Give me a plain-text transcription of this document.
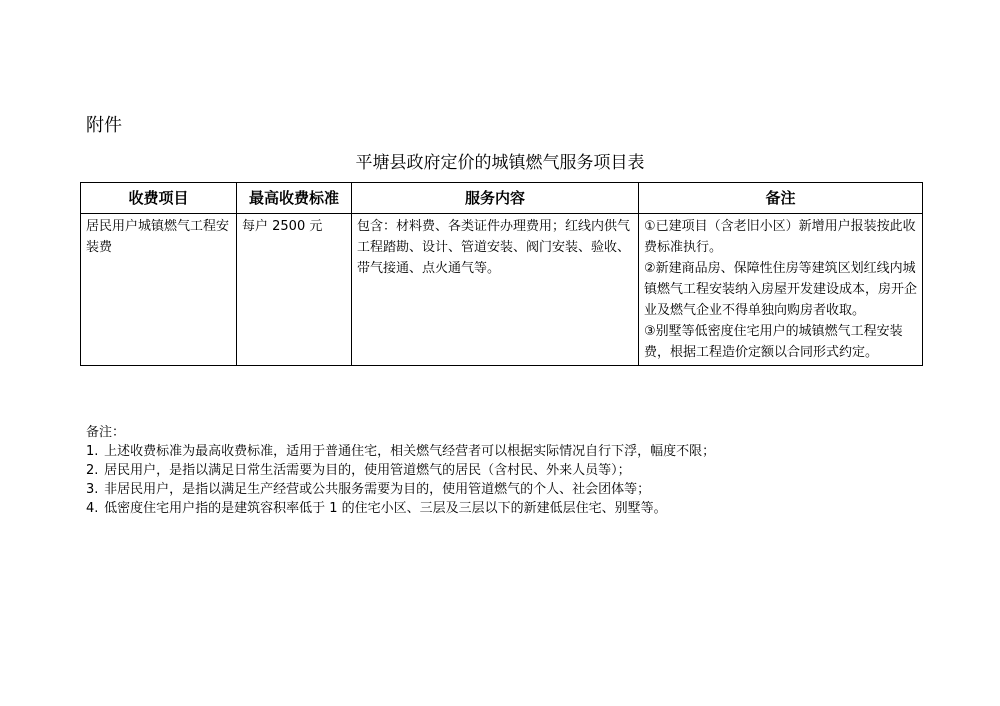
附件

平塘县政府定价的城镇燃气服务项目表
收费项目	最高收费标准	服务内容	备注
居民用户城镇燃气工程安装费	每户 2500 元	包含：材料费、各类证件办理费用；红线内供气工程踏勘、设计、管道安装、阀门安装、验收、带气接通、点火通气等。	①已建项目（含老旧小区）新增用户报装按此收费标准执行。
②新建商品房、保障性住房等建筑区划红线内城镇燃气工程安装纳入房屋开发建设成本，房开企业及燃气企业不得单独向购房者收取。
③别墅等低密度住宅用户的城镇燃气工程安装费，根据工程造价定额以合同形式约定。
备注：
1. 上述收费标准为最高收费标准，适用于普通住宅，相关燃气经营者可以根据实际情况自行下浮，幅度不限；
2. 居民用户，是指以满足日常生活需要为目的，使用管道燃气的居民（含村民、外来人员等）；
3. 非居民用户，是指以满足生产经营或公共服务需要为目的，使用管道燃气的个人、社会团体等；
4. 低密度住宅用户指的是建筑容积率低于 1 的住宅小区、三层及三层以下的新建低层住宅、别墅等。
